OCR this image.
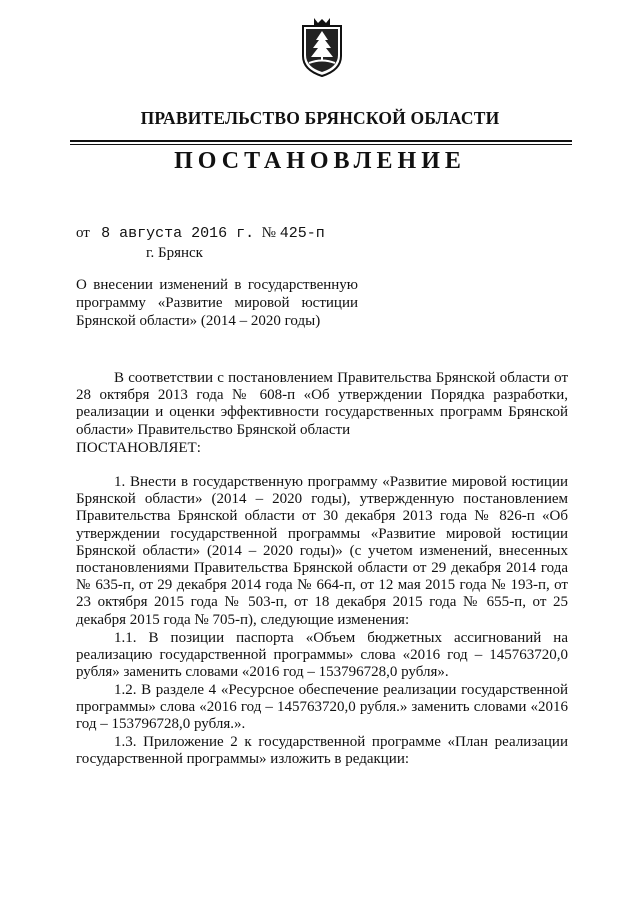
ПРАВИТЕЛЬСТВО БРЯНСКОЙ ОБЛАСТИ
ПОСТАНОВЛЕНИЕ
от 8 августа 2016 г. № 425-п
г. Брянск
О внесении изменений в государственную программу «Развитие мировой юстиции Брянской области» (2014 – 2020 годы)
В соответствии с постановлением Правительства Брянской области от 28 октября 2013 года № 608-п «Об утверждении Порядка разработки, реализации и оценки эффективности государственных программ Брянской области» Правительство Брянской области
ПОСТАНОВЛЯЕТ:
1. Внести в государственную программу «Развитие мировой юстиции Брянской области» (2014 – 2020 годы), утвержденную постановлением Правительства Брянской области от 30 декабря 2013 года № 826-п «Об утверждении государственной программы «Развитие мировой юстиции Брянской области» (2014 – 2020 годы)» (с учетом изменений, внесенных постановлениями Правительства Брянской области от 29 декабря 2014 года № 635-п, от 29 декабря 2014 года № 664-п, от 12 мая 2015 года № 193-п, от 23 октября 2015 года № 503-п, от 18 декабря 2015 года № 655-п, от 25 декабря 2015 года № 705-п), следующие изменения:
1.1. В позиции паспорта «Объем бюджетных ассигнований на реализацию государственной программы» слова «2016 год – 145763720,0 рубля» заменить словами «2016 год – 153796728,0 рубля».
1.2. В разделе 4 «Ресурсное обеспечение реализации государственной программы» слова «2016 год – 145763720,0 рубля.» заменить словами «2016 год – 153796728,0 рубля.».
1.3. Приложение 2 к государственной программе «План реализации государственной программы» изложить в редакции:
